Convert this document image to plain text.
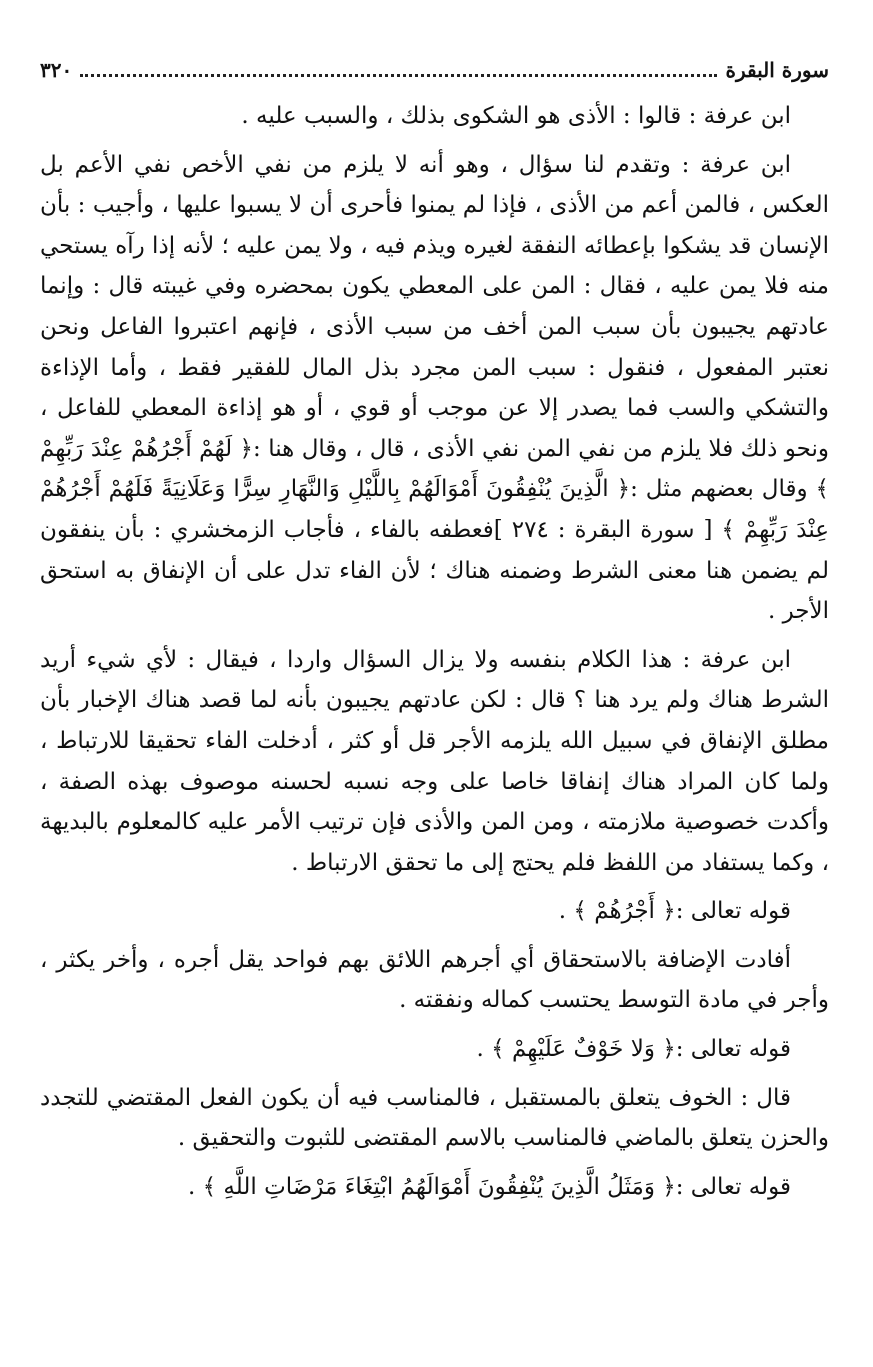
سورة البقرة
٣٢٠

ابن عرفة : قالوا : الأذى هو الشكوى بذلك ، والسبب عليه .

ابن عرفة : وتقدم لنا سؤال ، وهو أنه لا يلزم من نفي الأخص نفي الأعم بل العكس ، فالمن أعم من الأذى ، فإذا لم يمنوا فأحرى أن لا يسبوا عليها ، وأجيب : بأن الإنسان قد يشكوا بإعطائه النفقة لغيره ويذم فيه ، ولا يمن عليه ؛ لأنه إذا رآه يستحي منه فلا يمن عليه ، فقال : المن على المعطي يكون بمحضره وفي غيبته قال : وإنما عادتهم يجيبون بأن سبب المن أخف من سبب الأذى ، فإنهم اعتبروا الفاعل ونحن نعتبر المفعول ، فنقول : سبب المن مجرد بذل المال للفقير فقط ، وأما الإذاءة والتشكي والسب فما يصدر إلا عن موجب أو قوي ، أو هو إذاءة المعطي للفاعل ، ونحو ذلك فلا يلزم من نفي المن نفي الأذى ، قال ، وقال هنا :﴿ لَهُمْ أَجْرُهُمْ عِنْدَ رَبِّهِمْ ﴾ وقال بعضهم مثل :﴿ الَّذِينَ يُنْفِقُونَ أَمْوَالَهُمْ بِاللَّيْلِ وَالنَّهَارِ سِرًّا وَعَلَانِيَةً فَلَهُمْ أَجْرُهُمْ عِنْدَ رَبِّهِمْ ﴾ [ سورة البقرة : ٢٧٤ ]فعطفه بالفاء ، فأجاب الزمخشري : بأن ينفقون لم يضمن هنا معنى الشرط وضمنه هناك ؛ لأن الفاء تدل على أن الإنفاق به استحق الأجر .

ابن عرفة : هذا الكلام بنفسه ولا يزال السؤال واردا ، فيقال : لأي شيء أريد الشرط هناك ولم يرد هنا ؟ قال : لكن عادتهم يجيبون بأنه لما قصد هناك الإخبار بأن مطلق الإنفاق في سبيل الله يلزمه الأجر قل أو كثر ، أدخلت الفاء تحقيقا للارتباط ، ولما كان المراد هناك إنفاقا خاصا على وجه نسبه لحسنه موصوف بهذه الصفة ، وأكدت خصوصية ملازمته ، ومن المن والأذى فإن ترتيب الأمر عليه كالمعلوم بالبديهة ، وكما يستفاد من اللفظ فلم يحتج إلى ما تحقق الارتباط .

قوله تعالى :﴿ أَجْرُهُمْ ﴾ .

أفادت الإضافة بالاستحقاق أي أجرهم اللائق بهم فواحد يقل أجره ، وأخر يكثر ، وأجر في مادة التوسط يحتسب كماله ونفقته .

قوله تعالى :﴿ وَلا خَوْفٌ عَلَيْهِمْ ﴾ .

قال : الخوف يتعلق بالمستقبل ، فالمناسب فيه أن يكون الفعل المقتضي للتجدد والحزن يتعلق بالماضي فالمناسب بالاسم المقتضى للثبوت والتحقيق .

قوله تعالى :﴿ وَمَثَلُ الَّذِينَ يُنْفِقُونَ أَمْوَالَهُمُ ابْتِغَاءَ مَرْضَاتِ اللَّهِ ﴾ .
